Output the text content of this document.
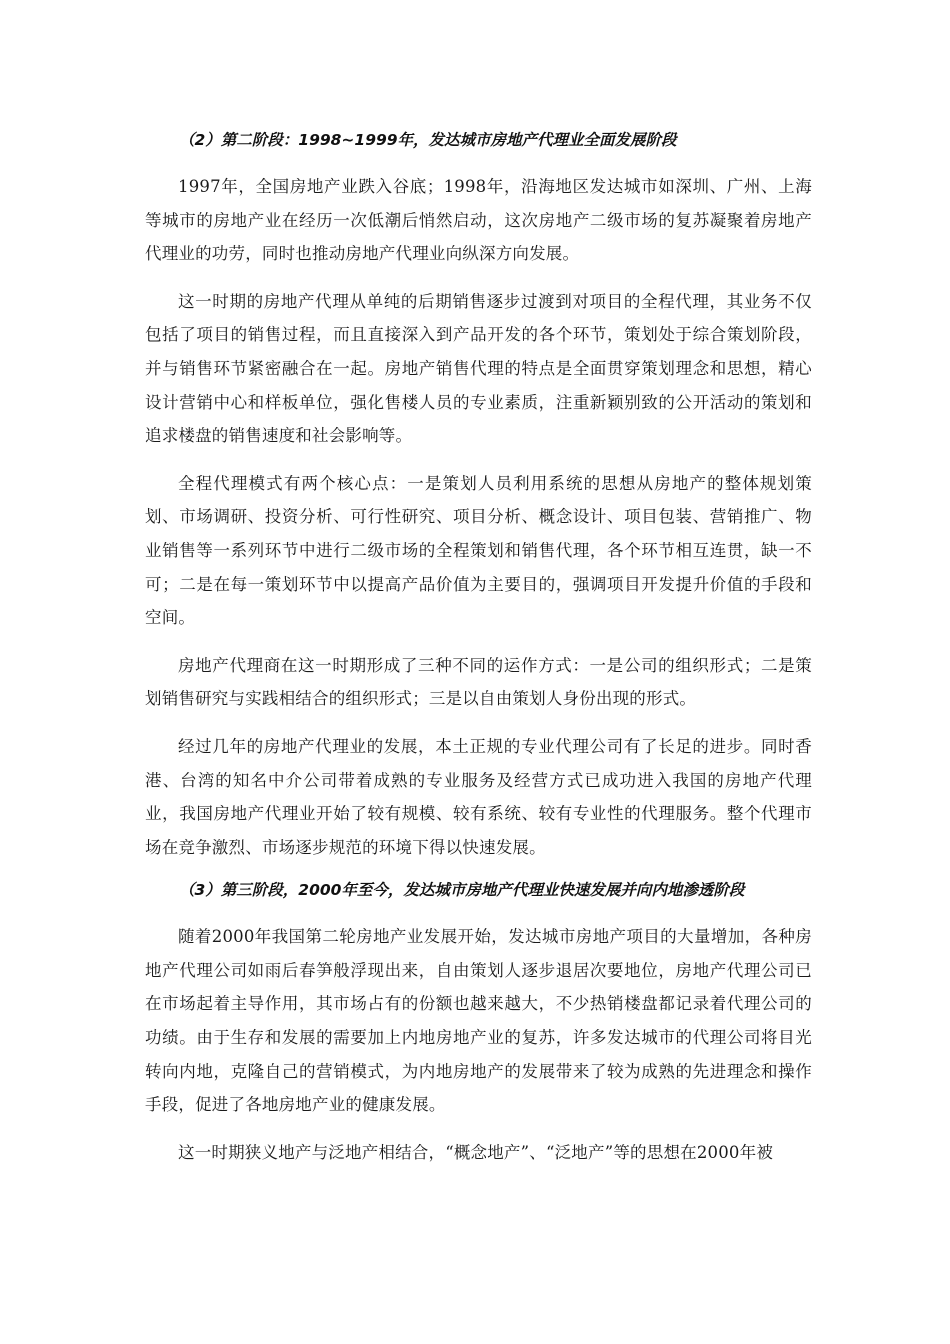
（2）第二阶段：1998~1999年，发达城市房地产代理业全面发展阶段

1997年，全国房地产业跌入谷底；1998年，沿海地区发达城市如深圳、广州、上海等城市的房地产业在经历一次低潮后悄然启动，这次房地产二级市场的复苏凝聚着房地产代理业的功劳，同时也推动房地产代理业向纵深方向发展。

这一时期的房地产代理从单纯的后期销售逐步过渡到对项目的全程代理，其业务不仅包括了项目的销售过程，而且直接深入到产品开发的各个环节，策划处于综合策划阶段，并与销售环节紧密融合在一起。房地产销售代理的特点是全面贯穿策划理念和思想，精心设计营销中心和样板单位，强化售楼人员的专业素质，注重新颖别致的公开活动的策划和追求楼盘的销售速度和社会影响等。

全程代理模式有两个核心点：一是策划人员利用系统的思想从房地产的整体规划策划、市场调研、投资分析、可行性研究、项目分析、概念设计、项目包装、营销推广、物业销售等一系列环节中进行二级市场的全程策划和销售代理，各个环节相互连贯，缺一不可；二是在每一策划环节中以提高产品价值为主要目的，强调项目开发提升价值的手段和空间。

房地产代理商在这一时期形成了三种不同的运作方式：一是公司的组织形式；二是策划销售研究与实践相结合的组织形式；三是以自由策划人身份出现的形式。

经过几年的房地产代理业的发展，本土正规的专业代理公司有了长足的进步。同时香港、台湾的知名中介公司带着成熟的专业服务及经营方式已成功进入我国的房地产代理业，我国房地产代理业开始了较有规模、较有系统、较有专业性的代理服务。整个代理市场在竞争激烈、市场逐步规范的环境下得以快速发展。

（3）第三阶段，2000年至今，发达城市房地产代理业快速发展并向内地渗透阶段

随着2000年我国第二轮房地产业发展开始，发达城市房地产项目的大量增加，各种房地产代理公司如雨后春笋般浮现出来，自由策划人逐步退居次要地位，房地产代理公司已在市场起着主导作用，其市场占有的份额也越来越大，不少热销楼盘都记录着代理公司的功绩。由于生存和发展的需要加上内地房地产业的复苏，许多发达城市的代理公司将目光转向内地，克隆自己的营销模式，为内地房地产的发展带来了较为成熟的先进理念和操作手段，促进了各地房地产业的健康发展。

这一时期狭义地产与泛地产相结合，“概念地产”、“泛地产”等的思想在2000年被
